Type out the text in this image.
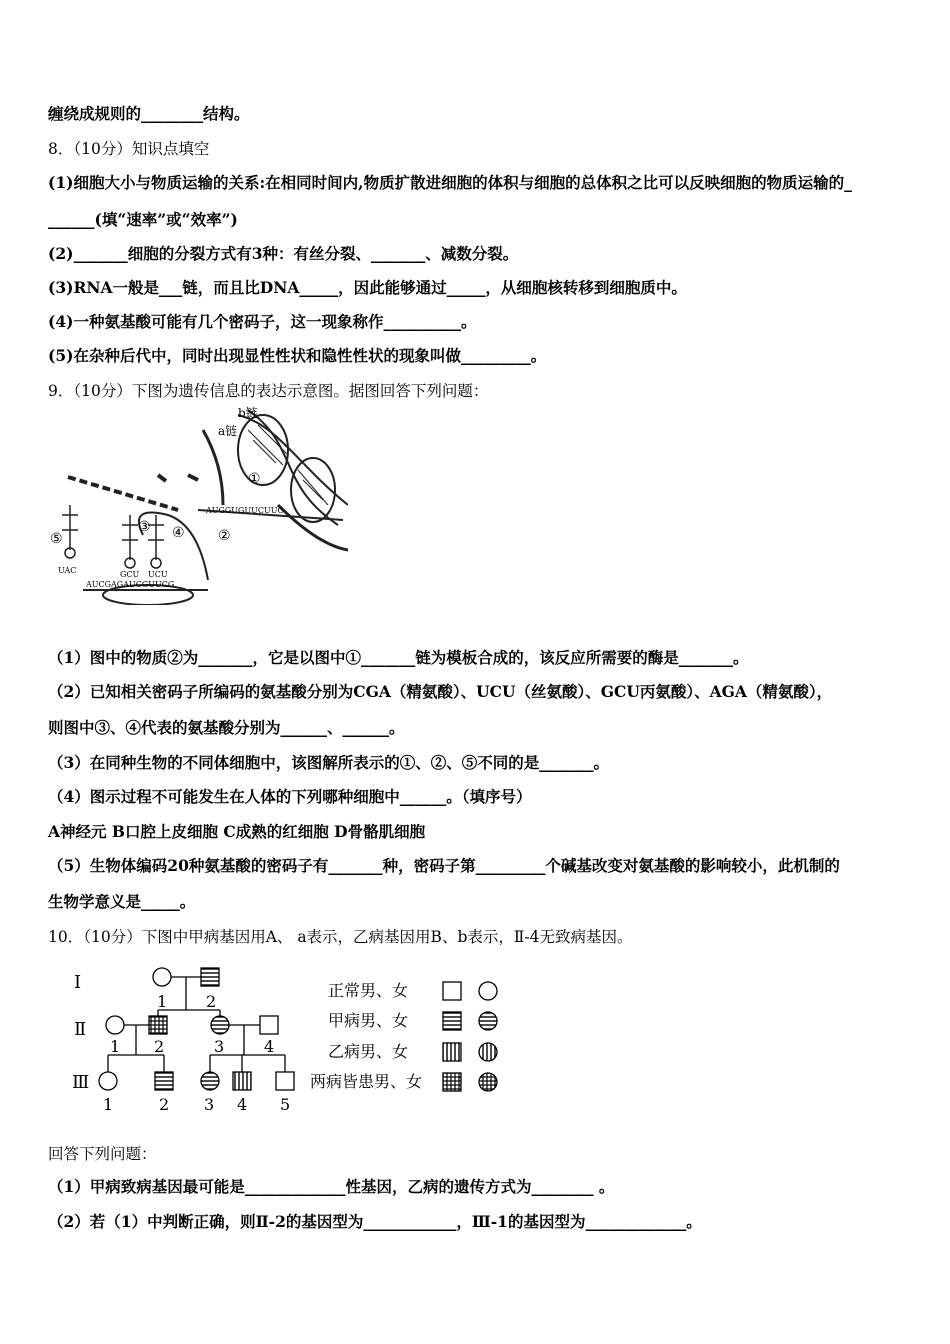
缠绕成规则的________结构。
8．（10分）知识点填空
(1)细胞大小与物质运输的关系:在相同时间内,物质扩散进细胞的体积与细胞的总体积之比可以反映细胞的物质运输的_
______(填“速率”或“效率”)
(2)_______细胞的分裂方式有3种：有丝分裂、_______、减数分裂。
(3)RNA一般是___链，而且比DNA_____，因此能够通过_____，从细胞核转移到细胞质中。
(4)一种氨基酸可能有几个密码子，这一现象称作__________。
(5)在杂种后代中，同时出现显性性状和隐性性状的现象叫做_________。
9．（10分）下图为遗传信息的表达示意图。据图回答下列问题：
b链
a链
①
②
③ ④
⑤
AUGGUGUUCUUC
AUCGAGAUCGUUCG
UAC	GCU UCU
（1）图中的物质②为_______，它是以图中①_______链为模板合成的，该反应所需要的酶是_______。
（2）已知相关密码子所编码的氨基酸分别为CGA（精氨酸）、UCU（丝氨酸）、GCU丙氨酸）、AGA（精氨酸），
则图中③、④代表的氨基酸分别为______、______。
（3）在同种生物的不同体细胞中，该图解所表示的①、②、⑤不同的是_______。
（4）图示过程不可能发生在人体的下列哪种细胞中______。（填序号）
A神经元 B口腔上皮细胞 C成熟的红细胞 D骨骼肌细胞
（5）生物体编码20种氨基酸的密码子有_______种，密码子第_________个碱基改变对氨基酸的影响较小，此机制的
生物学意义是_____。
10．（10分）下图中甲病基因用A、 a表示，乙病基因用B、b表示，Ⅱ-4无致病基因。
Ⅰ
Ⅱ
Ⅲ
正常男、女
甲病男、女
乙病男、女
两病皆患男、女
1 2
1 2	3 4
1	2 3 4 5
回答下列问题：
（1）甲病致病基因最可能是_____________性基因，乙病的遗传方式为________ 。
（2）若（1）中判断正确，则Ⅱ-2的基因型为____________，Ⅲ-1的基因型为_____________。
